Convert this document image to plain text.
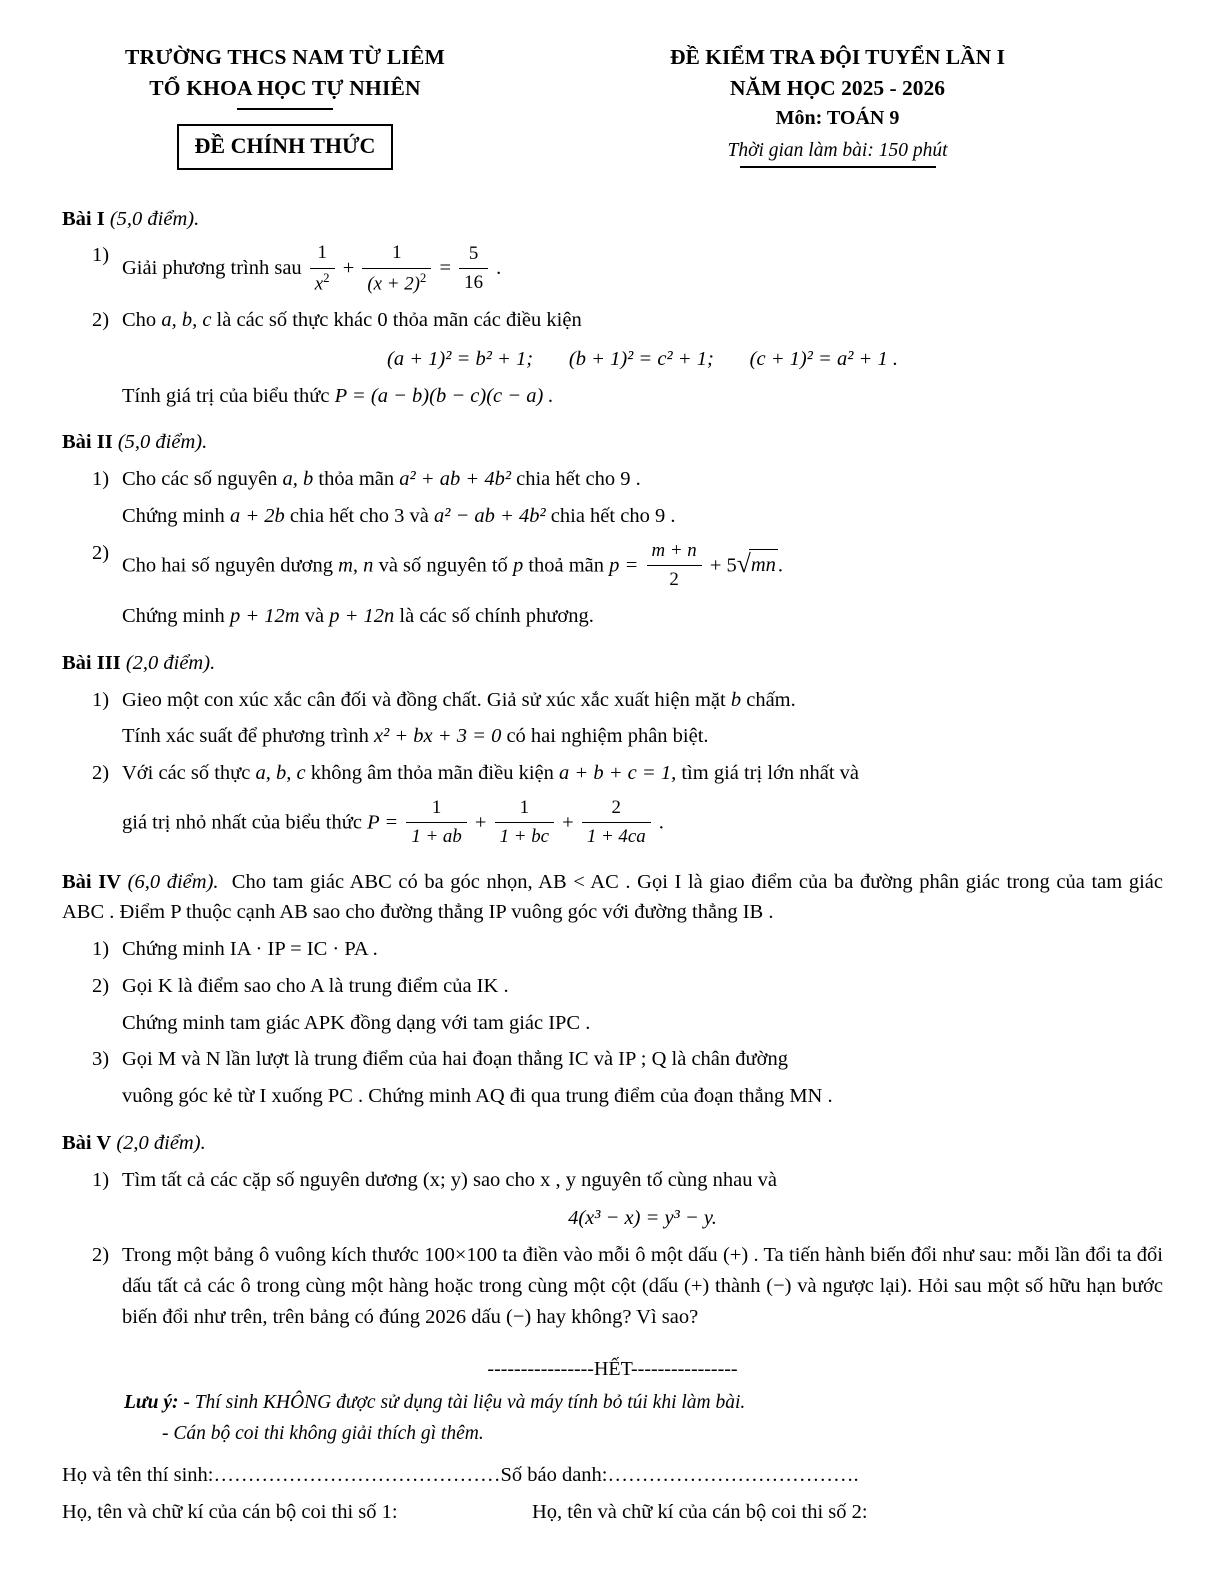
TRƯỜNG THCS NAM TỪ LIÊM
TỔ KHOA HỌC TỰ NHIÊN
ĐỀ CHÍNH THỨC
ĐỀ KIỂM TRA ĐỘI TUYỂN LẦN I
NĂM HỌC 2025 - 2026
Môn: TOÁN 9
Thời gian làm bài: 150 phút
Bài I (5,0 điểm).
1)
Giải phương trình sau $\frac{1}{x^2} + \frac{1}{(x + 2)^2} = \frac{5}{16}$ .
2) Cho a, b, c là các số thực khác 0 thỏa mãn các điều kiện
(a + 1)² = b² + 1; (b + 1)² = c² + 1; (c + 1)² = a² + 1 .
Tính giá trị của biểu thức P = (a − b)(b − c)(c − a) .
Bài II (5,0 điểm).
1) Cho các số nguyên a, b thỏa mãn a² + ab + 4b² chia hết cho 9 .
Chứng minh a + 2b chia hết cho 3 và a² − ab + 4b² chia hết cho 9 .
2)
Cho hai số nguyên dương m, n và số nguyên tố p thoả mãn $p = \frac{m + n}{2} + 5√mn$.
Chứng minh p + 12m và p + 12n là các số chính phương.
Bài III (2,0 điểm).
1) Gieo một con xúc xắc cân đối và đồng chất. Giả sử xúc xắc xuất hiện mặt b chấm.
Tính xác suất để phương trình x² + bx + 3 = 0 có hai nghiệm phân biệt.
2) Với các số thực a, b, c không âm thỏa mãn điều kiện a + b + c = 1, tìm giá trị lớn nhất và
giá trị nhỏ nhất của biểu thức $P = \frac{1}{1 + ab} + \frac{1}{1 + bc} + \frac{2}{1 + 4ca}$ .
Bài IV (6,0 điểm). Cho tam giác ABC có ba góc nhọn, AB < AC . Gọi I là giao điểm của ba đường phân giác trong của tam giác ABC . Điểm P thuộc cạnh AB sao cho đường thẳng IP vuông góc với đường thẳng IB .
1) Chứng minh IA · IP = IC · PA .
2) Gọi K là điểm sao cho A là trung điểm của IK .
Chứng minh tam giác APK đồng dạng với tam giác IPC .
3) Gọi M và N lần lượt là trung điểm của hai đoạn thẳng IC và IP ; Q là chân đường
vuông góc kẻ từ I xuống PC . Chứng minh AQ đi qua trung điểm của đoạn thẳng MN .
Bài V (2,0 điểm).
1) Tìm tất cả các cặp số nguyên dương (x; y) sao cho x , y nguyên tố cùng nhau và
4(x³ − x) = y³ − y.
2) Trong một bảng ô vuông kích thước 100×100 ta điền vào mỗi ô một dấu (+) . Ta tiến hành biến đổi như sau: mỗi lần đổi ta đổi dấu tất cả các ô trong cùng một hàng hoặc trong cùng một cột (dấu (+) thành (−) và ngược lại). Hỏi sau một số hữu hạn bước biến đổi như trên, trên bảng có đúng 2026 dấu (−) hay không? Vì sao?
----------------HẾT----------------
Lưu ý: - Thí sinh KHÔNG được sử dụng tài liệu và máy tính bỏ túi khi làm bài.
- Cán bộ coi thi không giải thích gì thêm.
Họ và tên thí sinh:……………………………………Số báo danh:……………………………….
Họ, tên và chữ kí của cán bộ coi thi số 1:	Họ, tên và chữ kí của cán bộ coi thi số 2:
